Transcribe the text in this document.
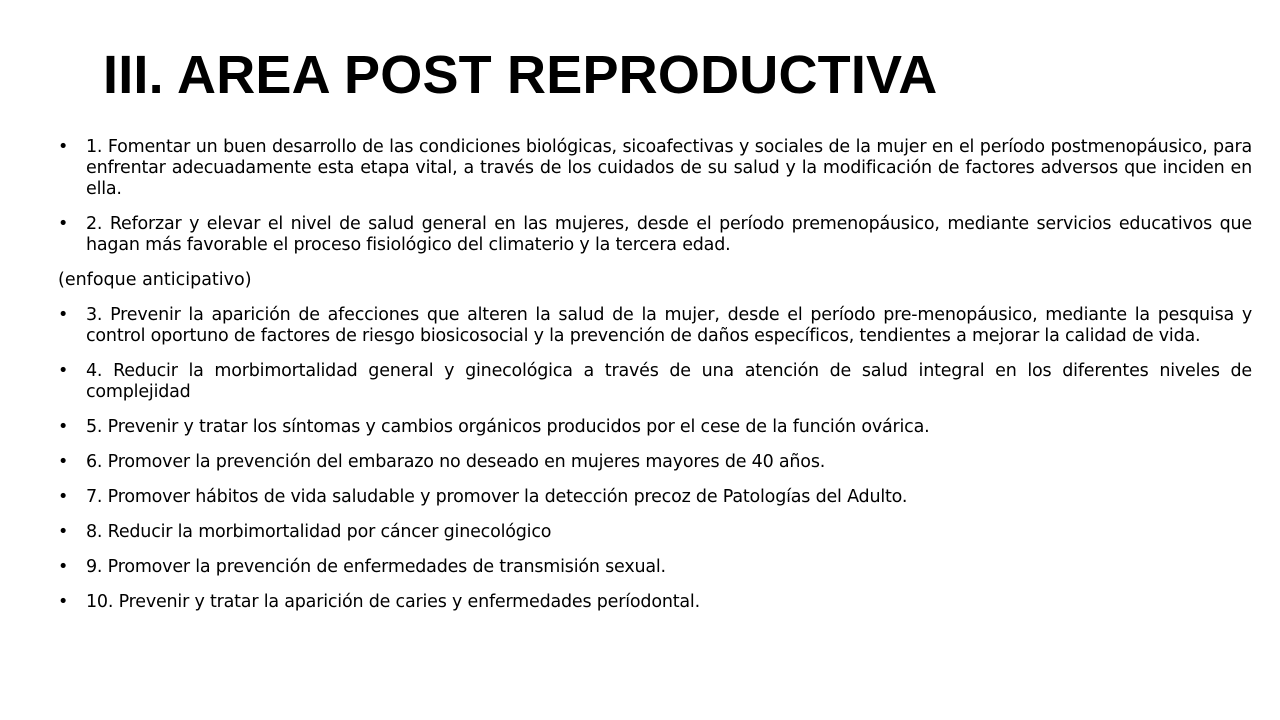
III. AREA POST REPRODUCTIVA
• 1. Fomentar un buen desarrollo de las condiciones biológicas, sicoafectivas y sociales de la mujer en el período postmenopáusico, para enfrentar adecuadamente esta etapa vital, a través de los cuidados de su salud y la modificación de factores adversos que inciden en ella.
• 2. Reforzar y elevar el nivel de salud general en las mujeres, desde el período premenopáusico, mediante servicios educativos que hagan más favorable el proceso fisiológico del climaterio y la tercera edad.
(enfoque anticipativo)
• 3. Prevenir la aparición de afecciones que alteren la salud de la mujer, desde el período pre-menopáusico, mediante la pesquisa y control oportuno de factores de riesgo biosicosocial y la prevención de daños específicos, tendientes a mejorar la calidad de vida.
• 4. Reducir la morbimortalidad general y ginecológica a través de una atención de salud integral en los diferentes niveles de complejidad
• 5. Prevenir y tratar los síntomas y cambios orgánicos producidos por el cese de la función ovárica.
• 6. Promover la prevención del embarazo no deseado en mujeres mayores de 40 años.
• 7. Promover hábitos de vida saludable y promover la detección precoz de Patologías del Adulto.
• 8. Reducir la morbimortalidad por cáncer ginecológico
• 9. Promover la prevención de enfermedades de transmisión sexual.
• 10. Prevenir y tratar la aparición de caries y enfermedades períodontal.
